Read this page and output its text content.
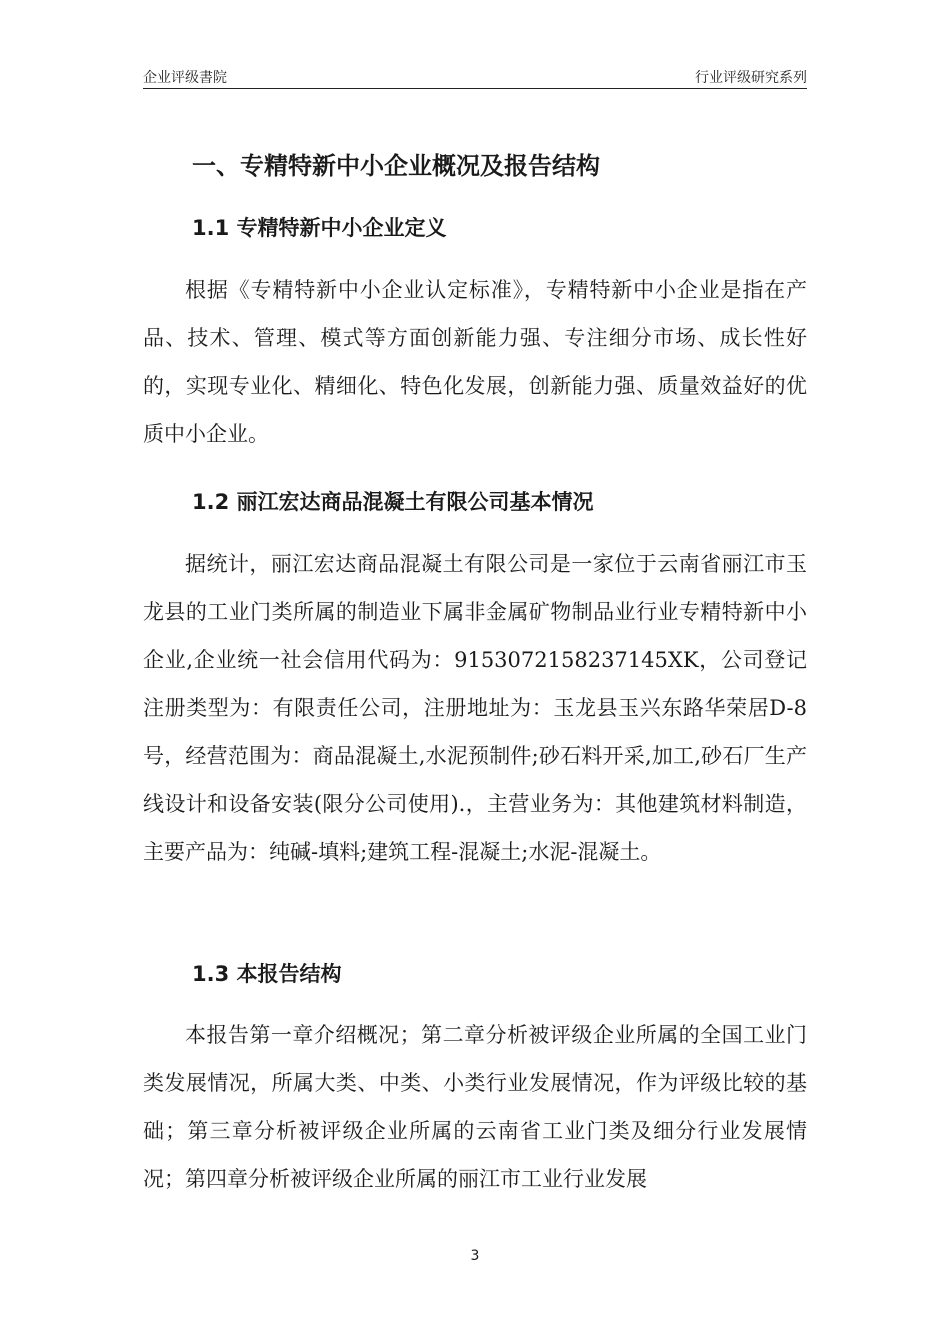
企业评级書院	行业评级研究系列
一、专精特新中小企业概况及报告结构
1.1 专精特新中小企业定义
根据《专精特新中小企业认定标准》，专精特新中小企业是指在产品、技术、管理、模式等方面创新能力强、专注细分市场、成长性好的，实现专业化、精细化、特色化发展，创新能力强、质量效益好的优质中小企业。
1.2 丽江宏达商品混凝土有限公司基本情况
据统计，丽江宏达商品混凝土有限公司是一家位于云南省丽江市玉龙县的工业门类所属的制造业下属非金属矿物制品业行业专精特新中小企业,企业统一社会信用代码为：9153072158237145XK，公司登记注册类型为：有限责任公司，注册地址为：玉龙县玉兴东路华荣居D-8号，经营范围为：商品混凝土,水泥预制件;砂石料开采,加工,砂石厂生产线设计和设备安装(限分公司使用).，主营业务为：其他建筑材料制造，主要产品为：纯碱-填料;建筑工程-混凝土;水泥-混凝土。
1.3 本报告结构
本报告第一章介绍概况；第二章分析被评级企业所属的全国工业门类发展情况，所属大类、中类、小类行业发展情况，作为评级比较的基础；第三章分析被评级企业所属的云南省工业门类及细分行业发展情况；第四章分析被评级企业所属的丽江市工业行业发展
3
